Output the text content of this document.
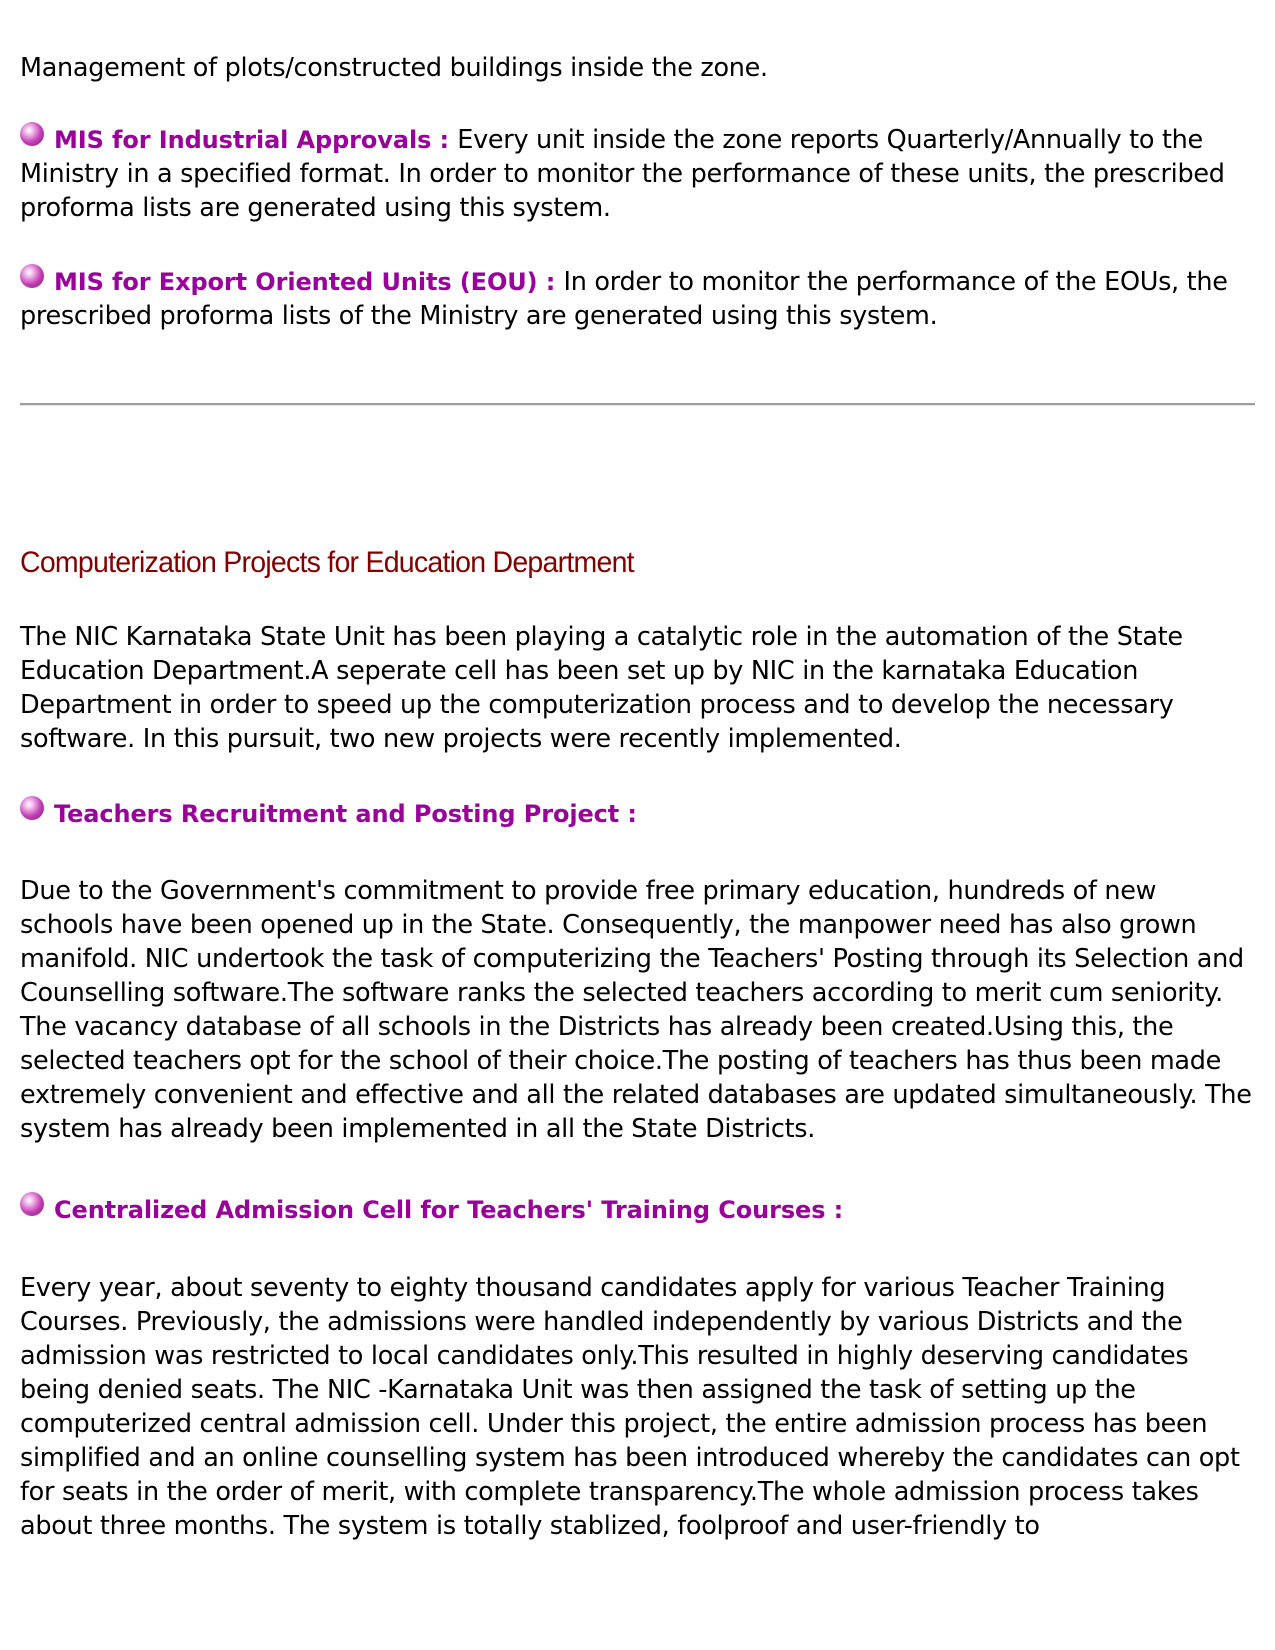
Management of plots/constructed buildings inside the zone.

MIS for Industrial Approvals : Every unit inside the zone reports Quarterly/Annually to the Ministry in a specified format. In order to monitor the performance of these units, the prescribed proforma lists are generated using this system.

MIS for Export Oriented Units (EOU) : In order to monitor the performance of the EOUs, the prescribed proforma lists of the Ministry are generated using this system.

Computerization Projects for Education Department

The NIC Karnataka State Unit has been playing a catalytic role in the automation of the State Education Department.A seperate cell has been set up by NIC in the karnataka Education Department in order to speed up the computerization process and to develop the necessary software. In this pursuit, two new projects were recently implemented.

Teachers Recruitment and Posting Project :

Due to the Government's commitment to provide free primary education, hundreds of new schools have been opened up in the State. Consequently, the manpower need has also grown manifold. NIC undertook the task of computerizing the Teachers' Posting through its Selection and Counselling software.The software ranks the selected teachers according to merit cum seniority. The vacancy database of all schools in the Districts has already been created.Using this, the selected teachers opt for the school of their choice.The posting of teachers has thus been made extremely convenient and effective and all the related databases are updated simultaneously. The system has already been implemented in all the State Districts.

Centralized Admission Cell for Teachers' Training Courses :

Every year, about seventy to eighty thousand candidates apply for various Teacher Training Courses. Previously, the admissions were handled independently by various Districts and the admission was restricted to local candidates only.This resulted in highly deserving candidates being denied seats. The NIC -Karnataka Unit was then assigned the task of setting up the computerized central admission cell. Under this project, the entire admission process has been simplified and an online counselling system has been introduced whereby the candidates can opt for seats in the order of merit, with complete transparency.The whole admission process takes about three months. The system is totally stablized, foolproof and user-friendly to
